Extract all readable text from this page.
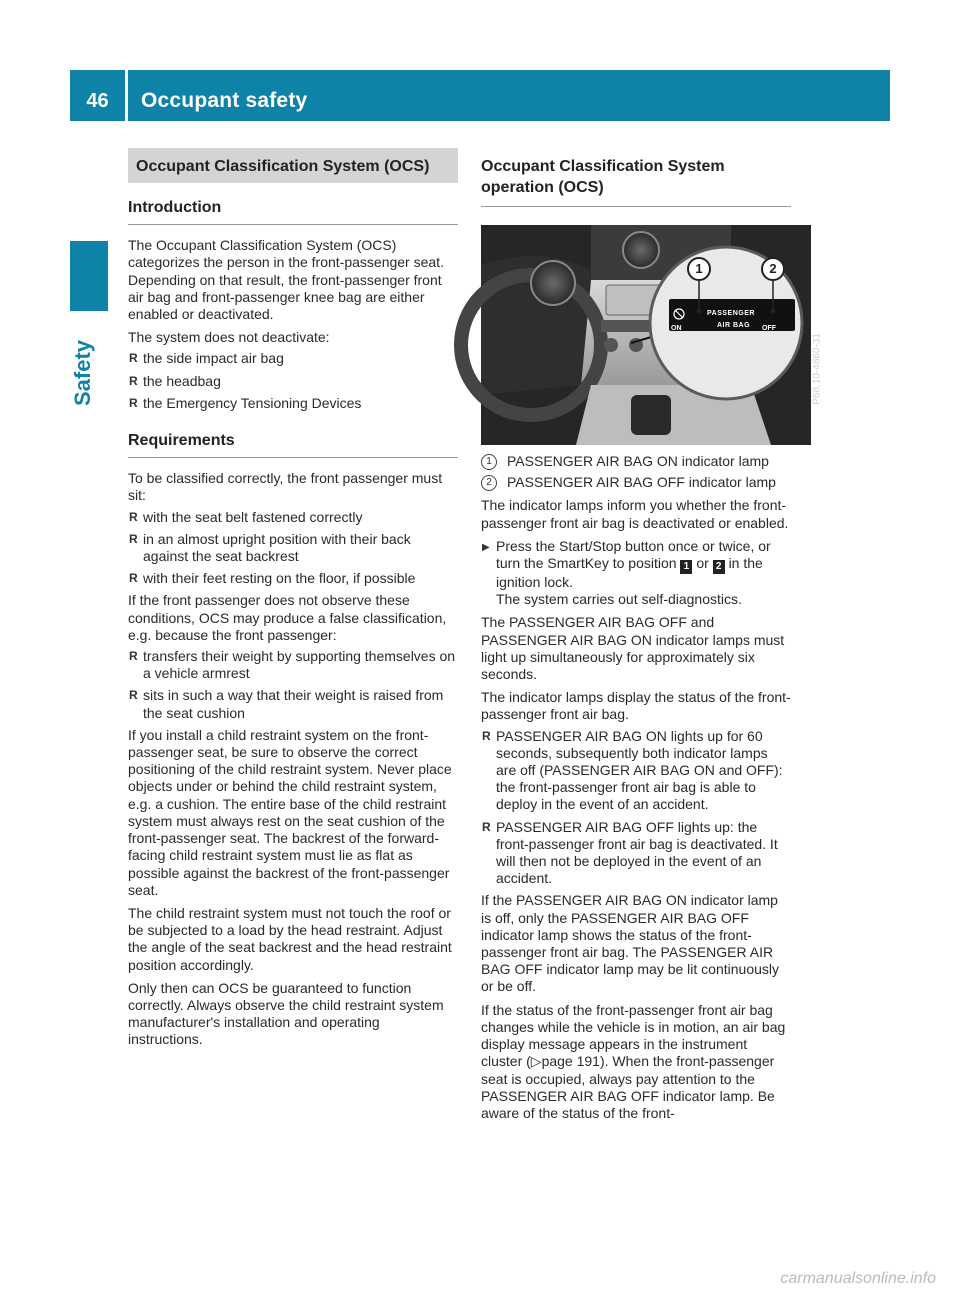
46	Occupant safety
Safety
Occupant Classification System (OCS)
Introduction

The Occupant Classification System (OCS) categorizes the person in the front-passenger seat. Depending on that result, the front-passenger front air bag and front-passenger knee bag are either enabled or deactivated.

The system does not deactivate:

R the side impact air bag
R the headbag
R the Emergency Tensioning Devices
Requirements

To be classified correctly, the front passenger must sit:

R with the seat belt fastened correctly
R in an almost upright position with their back against the seat backrest
R with their feet resting on the floor, if possible

If the front passenger does not observe these conditions, OCS may produce a false classification, e.g. because the front passenger:

R transfers their weight by supporting themselves on a vehicle armrest
R sits in such a way that their weight is raised from the seat cushion

If you install a child restraint system on the front-passenger seat, be sure to observe the correct positioning of the child restraint system. Never place objects under or behind the child restraint system, e.g. a cushion. The entire base of the child restraint system must always rest on the seat cushion of the front-passenger seat. The backrest of the forward-facing child restraint system must lie as flat as possible against the backrest of the front-passenger seat.

The child restraint system must not touch the roof or be subjected to a load by the head restraint. Adjust the angle of the seat backrest and the head restraint position accordingly.

Only then can OCS be guaranteed to function correctly. Always observe the child restraint system manufacturer's installation and operating instructions.

Occupant Classification System operation (OCS)
1	2
ON
PASSENGER
AIR BAG OFF
P68.10-4860-31
1	PASSENGER AIR BAG ON indicator lamp
2	PASSENGER AIR BAG OFF indicator lamp

The indicator lamps inform you whether the front-passenger front air bag is deactivated or enabled.

▶ Press the Start/Stop button once or twice, or turn the SmartKey to position 1 or 2 in the ignition lock.
The system carries out self-diagnostics.

The PASSENGER AIR BAG OFF and PASSENGER AIR BAG ON indicator lamps must light up simultaneously for approximately six seconds.

The indicator lamps display the status of the front-passenger front air bag.

R PASSENGER AIR BAG ON lights up for 60 seconds, subsequently both indicator lamps are off (PASSENGER AIR BAG ON and OFF): the front-passenger front air bag is able to deploy in the event of an accident.
R PASSENGER AIR BAG OFF lights up: the front-passenger front air bag is deactivated. It will then not be deployed in the event of an accident.

If the PASSENGER AIR BAG ON indicator lamp is off, only the PASSENGER AIR BAG OFF indicator lamp shows the status of the front-passenger front air bag. The PASSENGER AIR BAG OFF indicator lamp may be lit continuously or be off.

If the status of the front-passenger front air bag changes while the vehicle is in motion, an air bag display message appears in the instrument cluster (▷page 191). When the front-passenger seat is occupied, always pay attention to the PASSENGER AIR BAG OFF indicator lamp. Be aware of the status of the front-

carmanualsonline.info
